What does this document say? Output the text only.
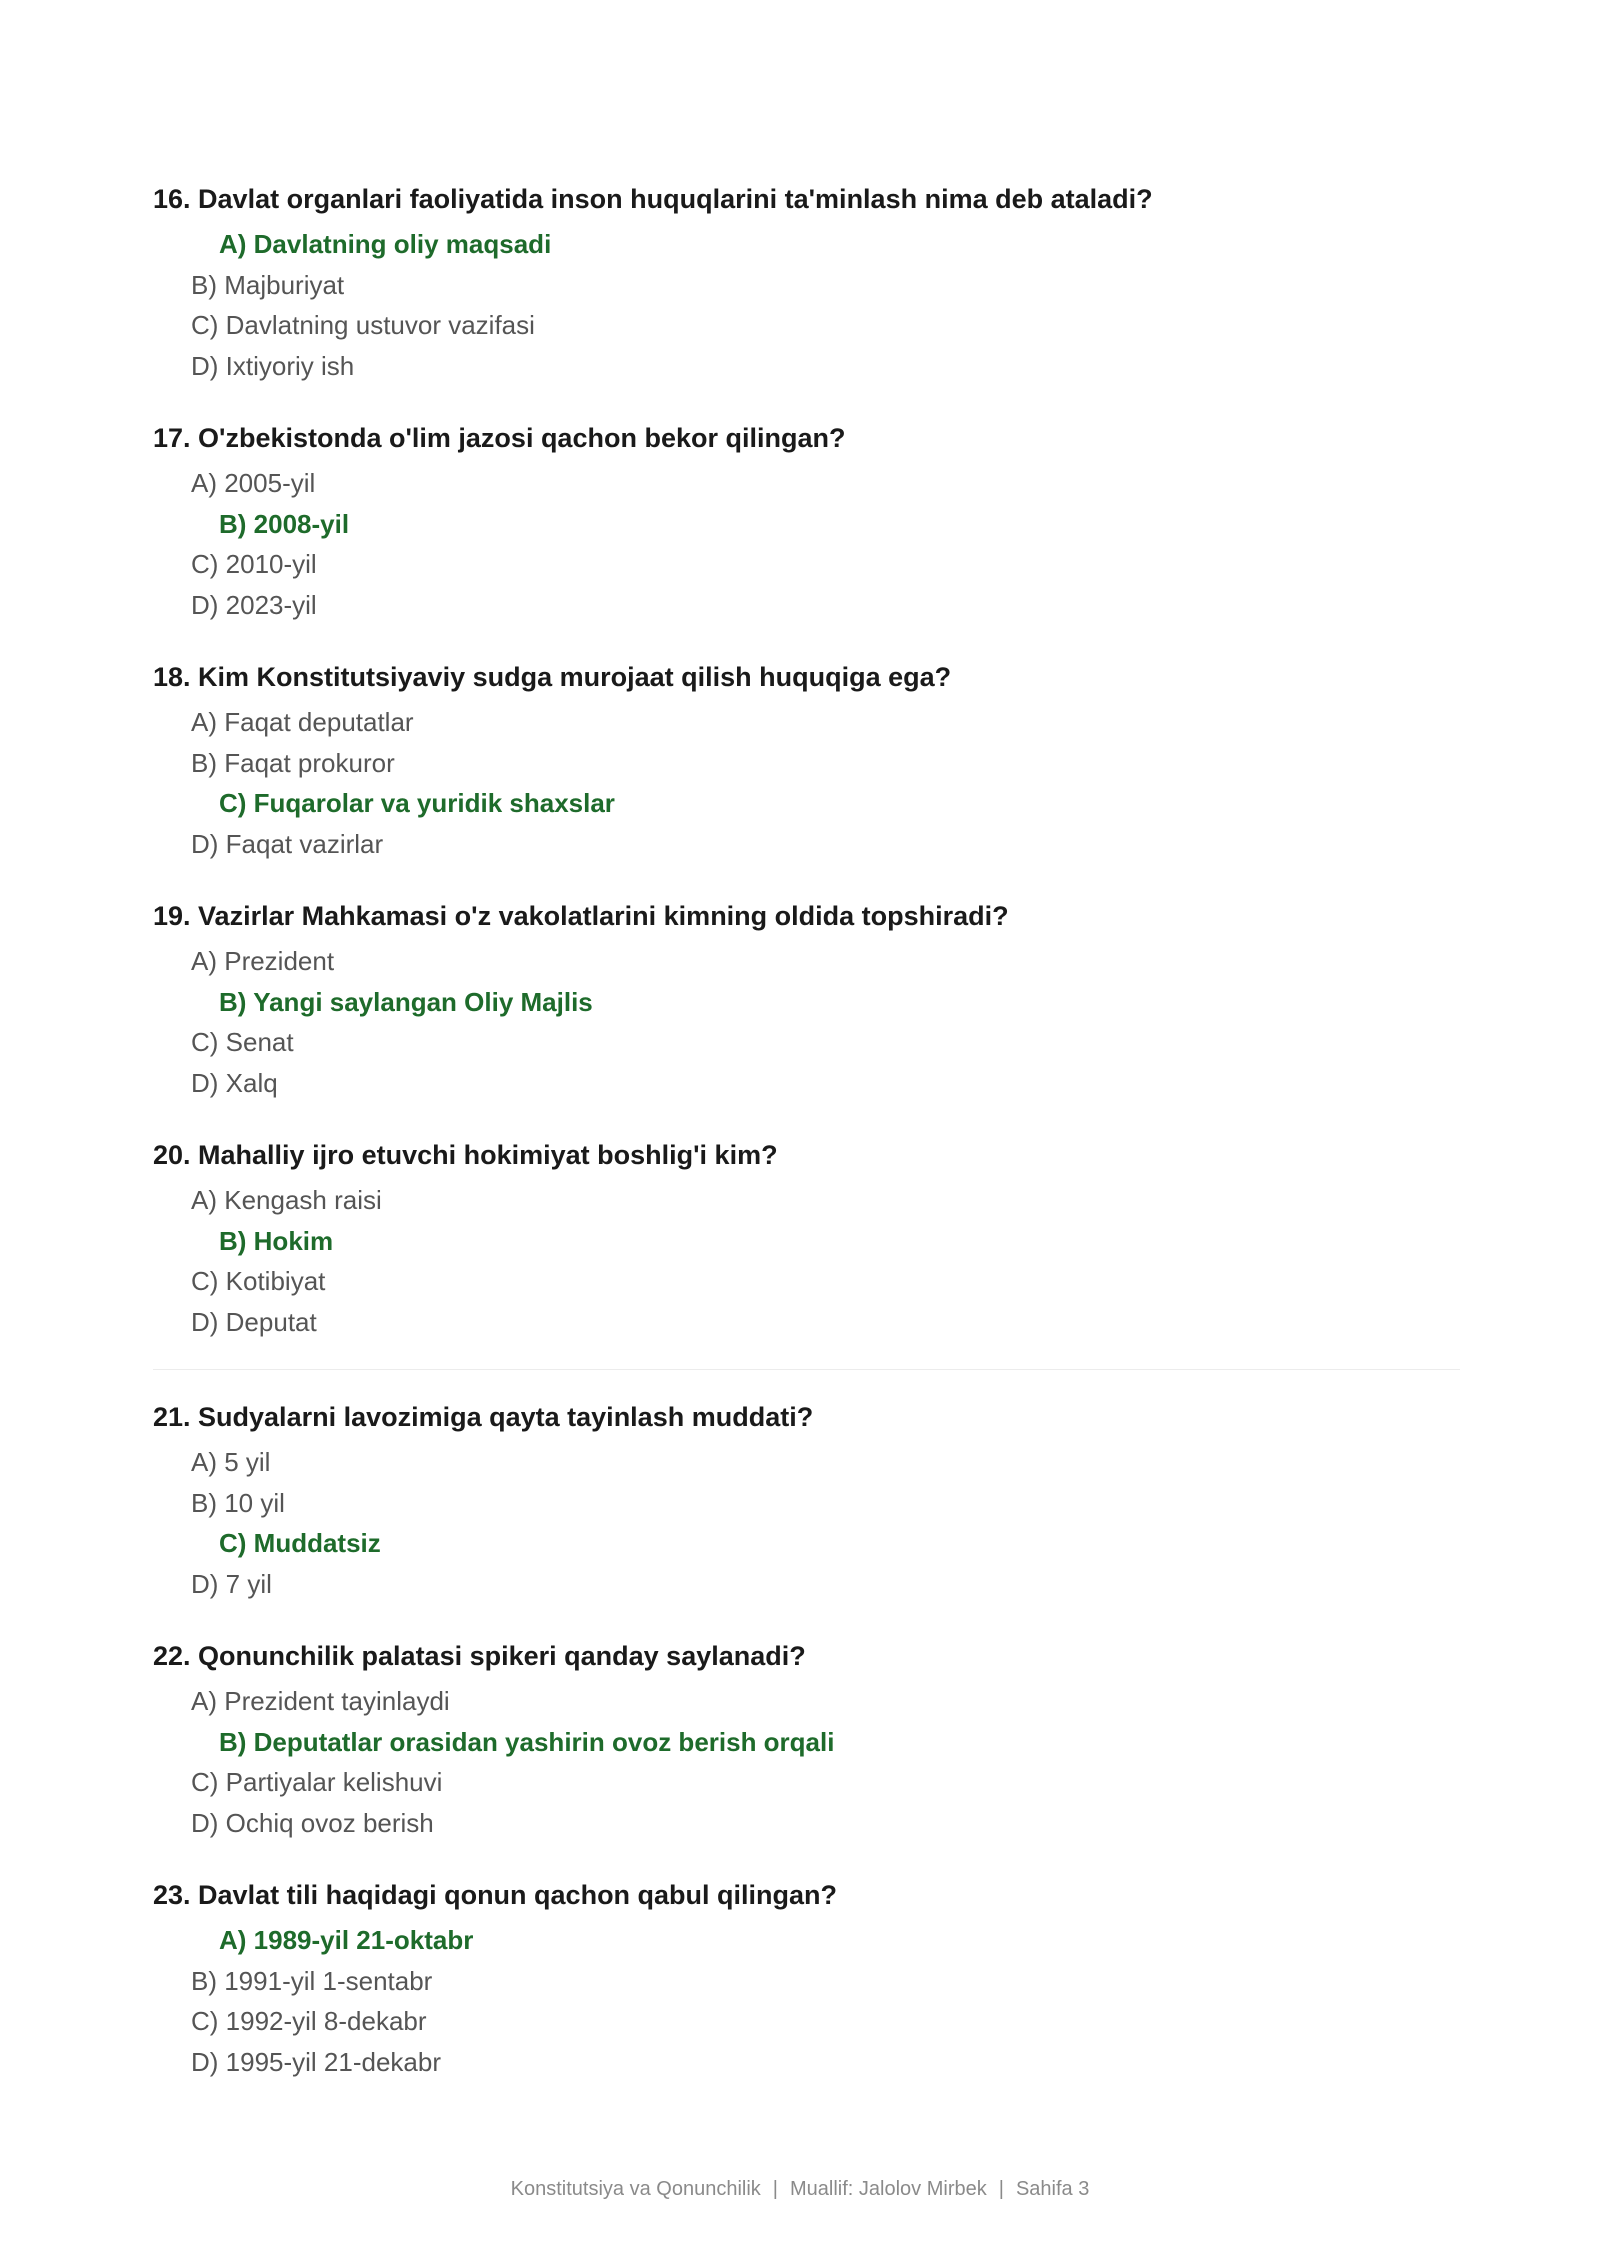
16. Davlat organlari faoliyatida inson huquqlarini ta'minlash nima deb ataladi?
A) Davlatning oliy maqsadi
B) Majburiyat
C) Davlatning ustuvor vazifasi
D) Ixtiyoriy ish
17. O'zbekistonda o'lim jazosi qachon bekor qilingan?
A) 2005-yil
B) 2008-yil
C) 2010-yil
D) 2023-yil
18. Kim Konstitutsiyaviy sudga murojaat qilish huquqiga ega?
A) Faqat deputatlar
B) Faqat prokuror
C) Fuqarolar va yuridik shaxslar
D) Faqat vazirlar
19. Vazirlar Mahkamasi o'z vakolatlarini kimning oldida topshiradi?
A) Prezident
B) Yangi saylangan Oliy Majlis
C) Senat
D) Xalq
20. Mahalliy ijro etuvchi hokimiyat boshlig'i kim?
A) Kengash raisi
B) Hokim
C) Kotibiyat
D) Deputat
21. Sudyalarni lavozimiga qayta tayinlash muddati?
A) 5 yil
B) 10 yil
C) Muddatsiz
D) 7 yil
22. Qonunchilik palatasi spikeri qanday saylanadi?
A) Prezident tayinlaydi
B) Deputatlar orasidan yashirin ovoz berish orqali
C) Partiyalar kelishuvi
D) Ochiq ovoz berish
23. Davlat tili haqidagi qonun qachon qabul qilingan?
A) 1989-yil 21-oktabr
B) 1991-yil 1-sentabr
C) 1992-yil 8-dekabr
D) 1995-yil 21-dekabr
Konstitutsiya va Qonunchilik | Muallif: Jalolov Mirbek | Sahifa 3
